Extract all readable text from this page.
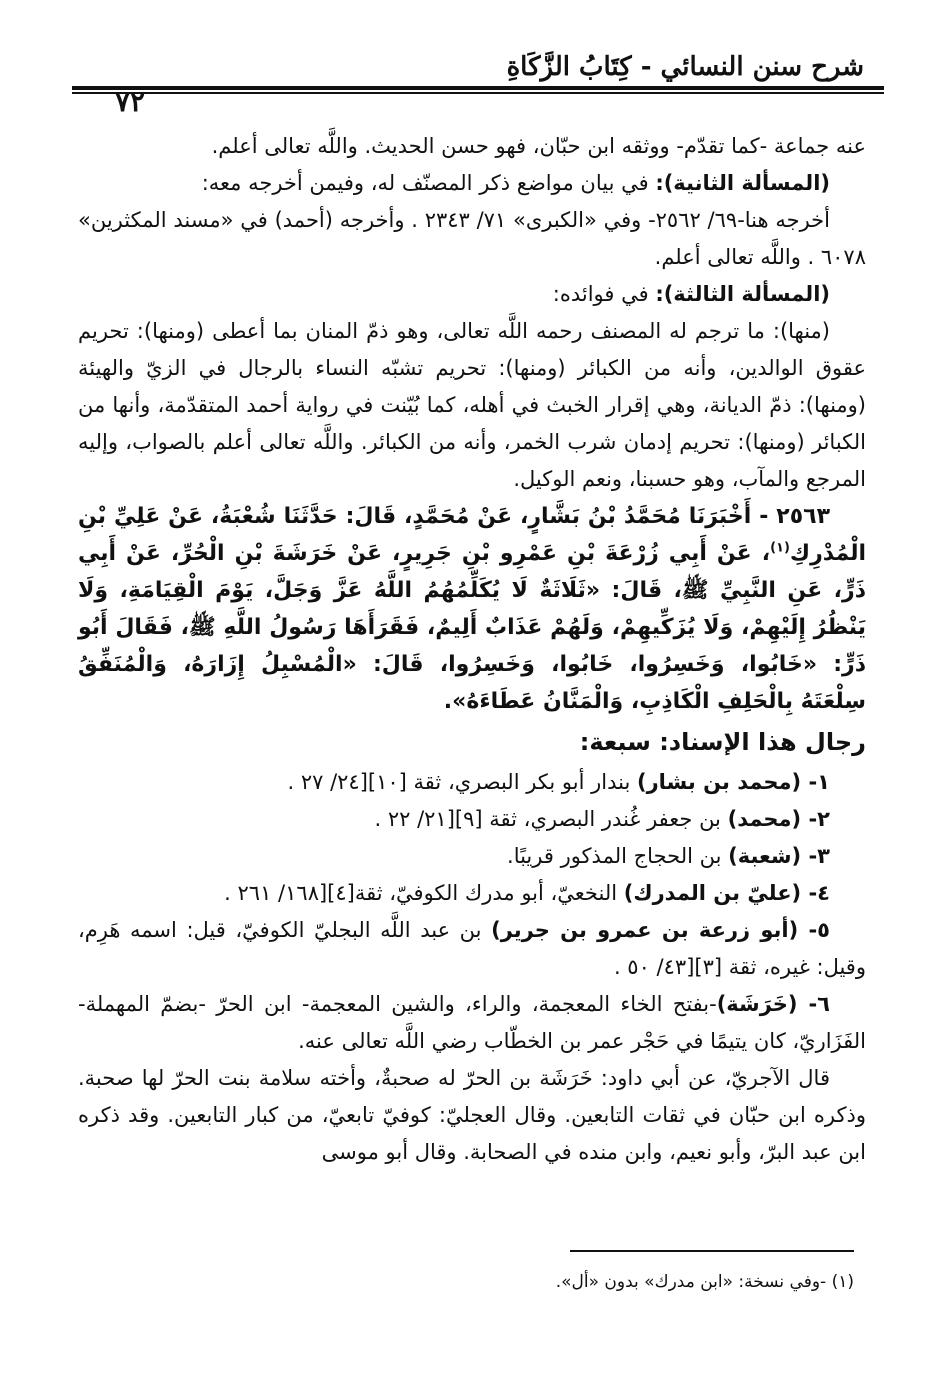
شرح سنن النسائي - كِتَابُ الزَّكَاةِ
٧٢

عنه جماعة -كما تقدّم- ووثقه ابن حبّان، فهو حسن الحديث. واللَّه تعالى أعلم.

(المسألة الثانية): في بيان مواضع ذكر المصنّف له، وفيمن أخرجه معه:

أخرجه هنا-٦٩/ ٢٥٦٢- وفي «الكبرى» ٧١/ ٢٣٤٣ . وأخرجه (أحمد) في «مسند المكثرين» ٦٠٧٨ . واللَّه تعالى أعلم.

(المسألة الثالثة): في فوائده:

(منها): ما ترجم له المصنف رحمه اللَّه تعالى، وهو ذمّ المنان بما أعطى (ومنها): تحريم عقوق الوالدين، وأنه من الكبائر (ومنها): تحريم تشبّه النساء بالرجال في الزيّ والهيئة (ومنها): ذمّ الديانة، وهي إقرار الخبث في أهله، كما بُيّنت في رواية أحمد المتقدّمة، وأنها من الكبائر (ومنها): تحريم إدمان شرب الخمر، وأنه من الكبائر. واللَّه تعالى أعلم بالصواب، وإليه المرجع والمآب، وهو حسبنا، ونعم الوكيل.

٢٥٦٣ - أَخْبَرَنَا مُحَمَّدُ بْنُ بَشَّارٍ، عَنْ مُحَمَّدٍ، قَالَ: حَدَّثَنَا شُعْبَةُ، عَنْ عَلِيِّ بْنِ الْمُدْرِكِ$^{(١)}$، عَنْ أَبِي زُرْعَةَ بْنِ عَمْرِو بْنِ جَرِيرٍ، عَنْ خَرَشَةَ بْنِ الْحُرِّ، عَنْ أَبِي ذَرٍّ، عَنِ النَّبِيِّ ﷺ، قَالَ: «ثَلَاثَةٌ لَا يُكَلِّمُهُمُ اللَّهُ عَزَّ وَجَلَّ، يَوْمَ الْقِيَامَةِ، وَلَا يَنْظُرُ إِلَيْهِمْ، وَلَا يُزَكِّيهِمْ، وَلَهُمْ عَذَابٌ أَلِيمٌ، فَقَرَأَهَا رَسُولُ اللَّهِ ﷺ، فَقَالَ أَبُو ذَرٍّ: «خَابُوا، وَخَسِرُوا، خَابُوا، وَخَسِرُوا، قَالَ: «الْمُسْبِلُ إِزَارَهُ، وَالْمُنَفِّقُ سِلْعَتَهُ بِالْحَلِفِ الْكَاذِبِ، وَالْمَنَّانُ عَطَاءَهُ».

رجال هذا الإسناد: سبعة:

١- (محمد بن بشار) بندار أبو بكر البصري، ثقة [١٠][٢٤/ ٢٧ .

٢- (محمد) بن جعفر غُندر البصري، ثقة [٩][٢١/ ٢٢ .

٣- (شعبة) بن الحجاج المذكور قريبًا.

٤- (عليّ بن المدرك) النخعيّ، أبو مدرك الكوفيّ، ثقة[٤][١٦٨/ ٢٦١ .

٥- (أبو زرعة بن عمرو بن جرير) بن عبد اللَّه البجليّ الكوفيّ، قيل: اسمه هَرِم، وقيل: غيره، ثقة [٣][٤٣/ ٥٠ .

٦- (خَرَشَة)-بفتح الخاء المعجمة، والراء، والشين المعجمة- ابن الحرّ -بضمّ المهملة- الفَزَاريّ، كان يتيمًا في حَجْر عمر بن الخطّاب رضي اللَّه تعالى عنه.

قال الآجريّ، عن أبي داود: خَرَشَة بن الحرّ له صحبةٌ، وأخته سلامة بنت الحرّ لها صحبة. وذكره ابن حبّان في ثقات التابعين. وقال العجليّ: كوفيّ تابعيّ، من كبار التابعين. وقد ذكره ابن عبد البرّ، وأبو نعيم، وابن منده في الصحابة. وقال أبو موسى

(١) -وفي نسخة: «ابن مدرك» بدون «أل».
